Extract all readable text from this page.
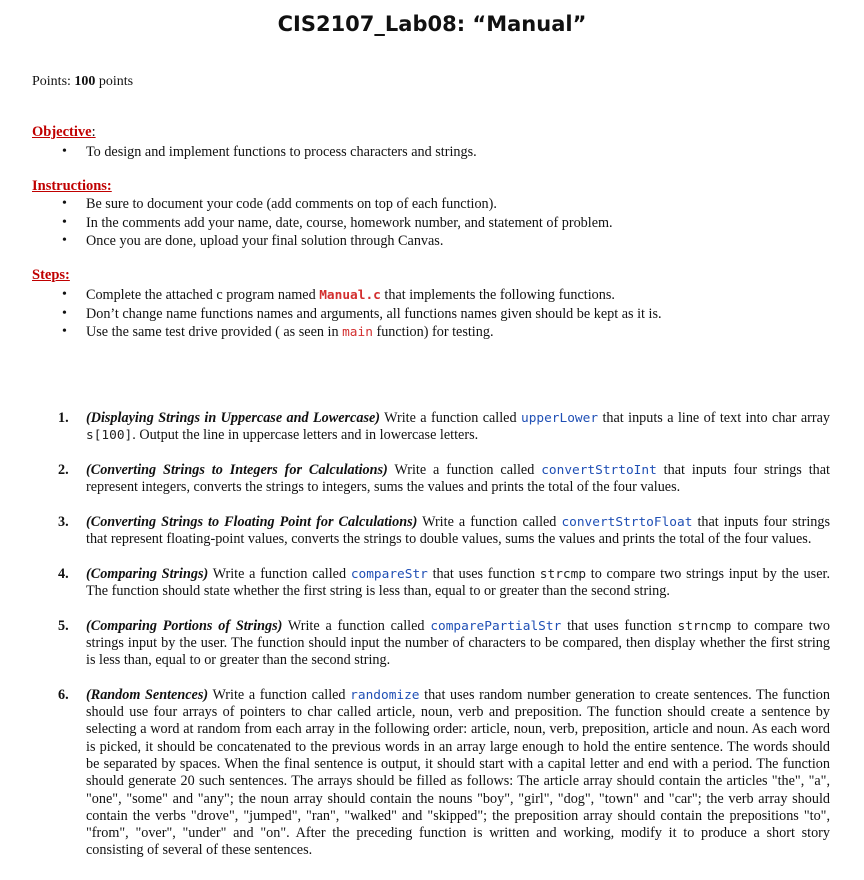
CIS2107_Lab08: “Manual”
Points: 100 points
Objective:
• To design and implement functions to process characters and strings.
Instructions:
• Be sure to document your code (add comments on top of each function).
• In the comments add your name, date, course, homework number, and statement of problem.
• Once you are done, upload your final solution through Canvas.
Steps:
• Complete the attached c program named Manual.c that implements the following functions.
• Don’t change name functions names and arguments, all functions names given should be kept as it is.
• Use the same test drive provided ( as seen in main function) for testing.
1. (Displaying Strings in Uppercase and Lowercase) Write a function called upperLower that inputs a line of text into char array s[100]. Output the line in uppercase letters and in lowercase letters.
2. (Converting Strings to Integers for Calculations) Write a function called convertStrtoInt that inputs four strings that represent integers, converts the strings to integers, sums the values and prints the total of the four values.
3. (Converting Strings to Floating Point for Calculations) Write a function called convertStrtoFloat that inputs four strings that represent floating-point values, converts the strings to double values, sums the values and prints the total of the four values.
4. (Comparing Strings) Write a function called compareStr that uses function strcmp to compare two strings input by the user. The function should state whether the first string is less than, equal to or greater than the second string.
5. (Comparing Portions of Strings) Write a function called comparePartialStr that uses function strncmp to compare two strings input by the user. The function should input the number of characters to be compared, then display whether the first string is less than, equal to or greater than the second string.
6. (Random Sentences) Write a function called randomize that uses random number generation to create sentences. The function should use four arrays of pointers to char called article, noun, verb and preposition. The function should create a sentence by selecting a word at random from each array in the following order: article, noun, verb, preposition, article and noun. As each word is picked, it should be concatenated to the previous words in an array large enough to hold the entire sentence. The words should be separated by spaces. When the final sentence is output, it should start with a capital letter and end with a period. The function should generate 20 such sentences. The arrays should be filled as follows: The article array should contain the articles "the", "a", "one", "some" and "any"; the noun array should contain the nouns "boy", "girl", "dog", "town" and "car"; the verb array should contain the verbs "drove", "jumped", "ran", "walked" and "skipped"; the preposition array should contain the prepositions "to", "from", "over", "under" and "on". After the preceding function is written and working, modify it to produce a short story consisting of several of these sentences.
